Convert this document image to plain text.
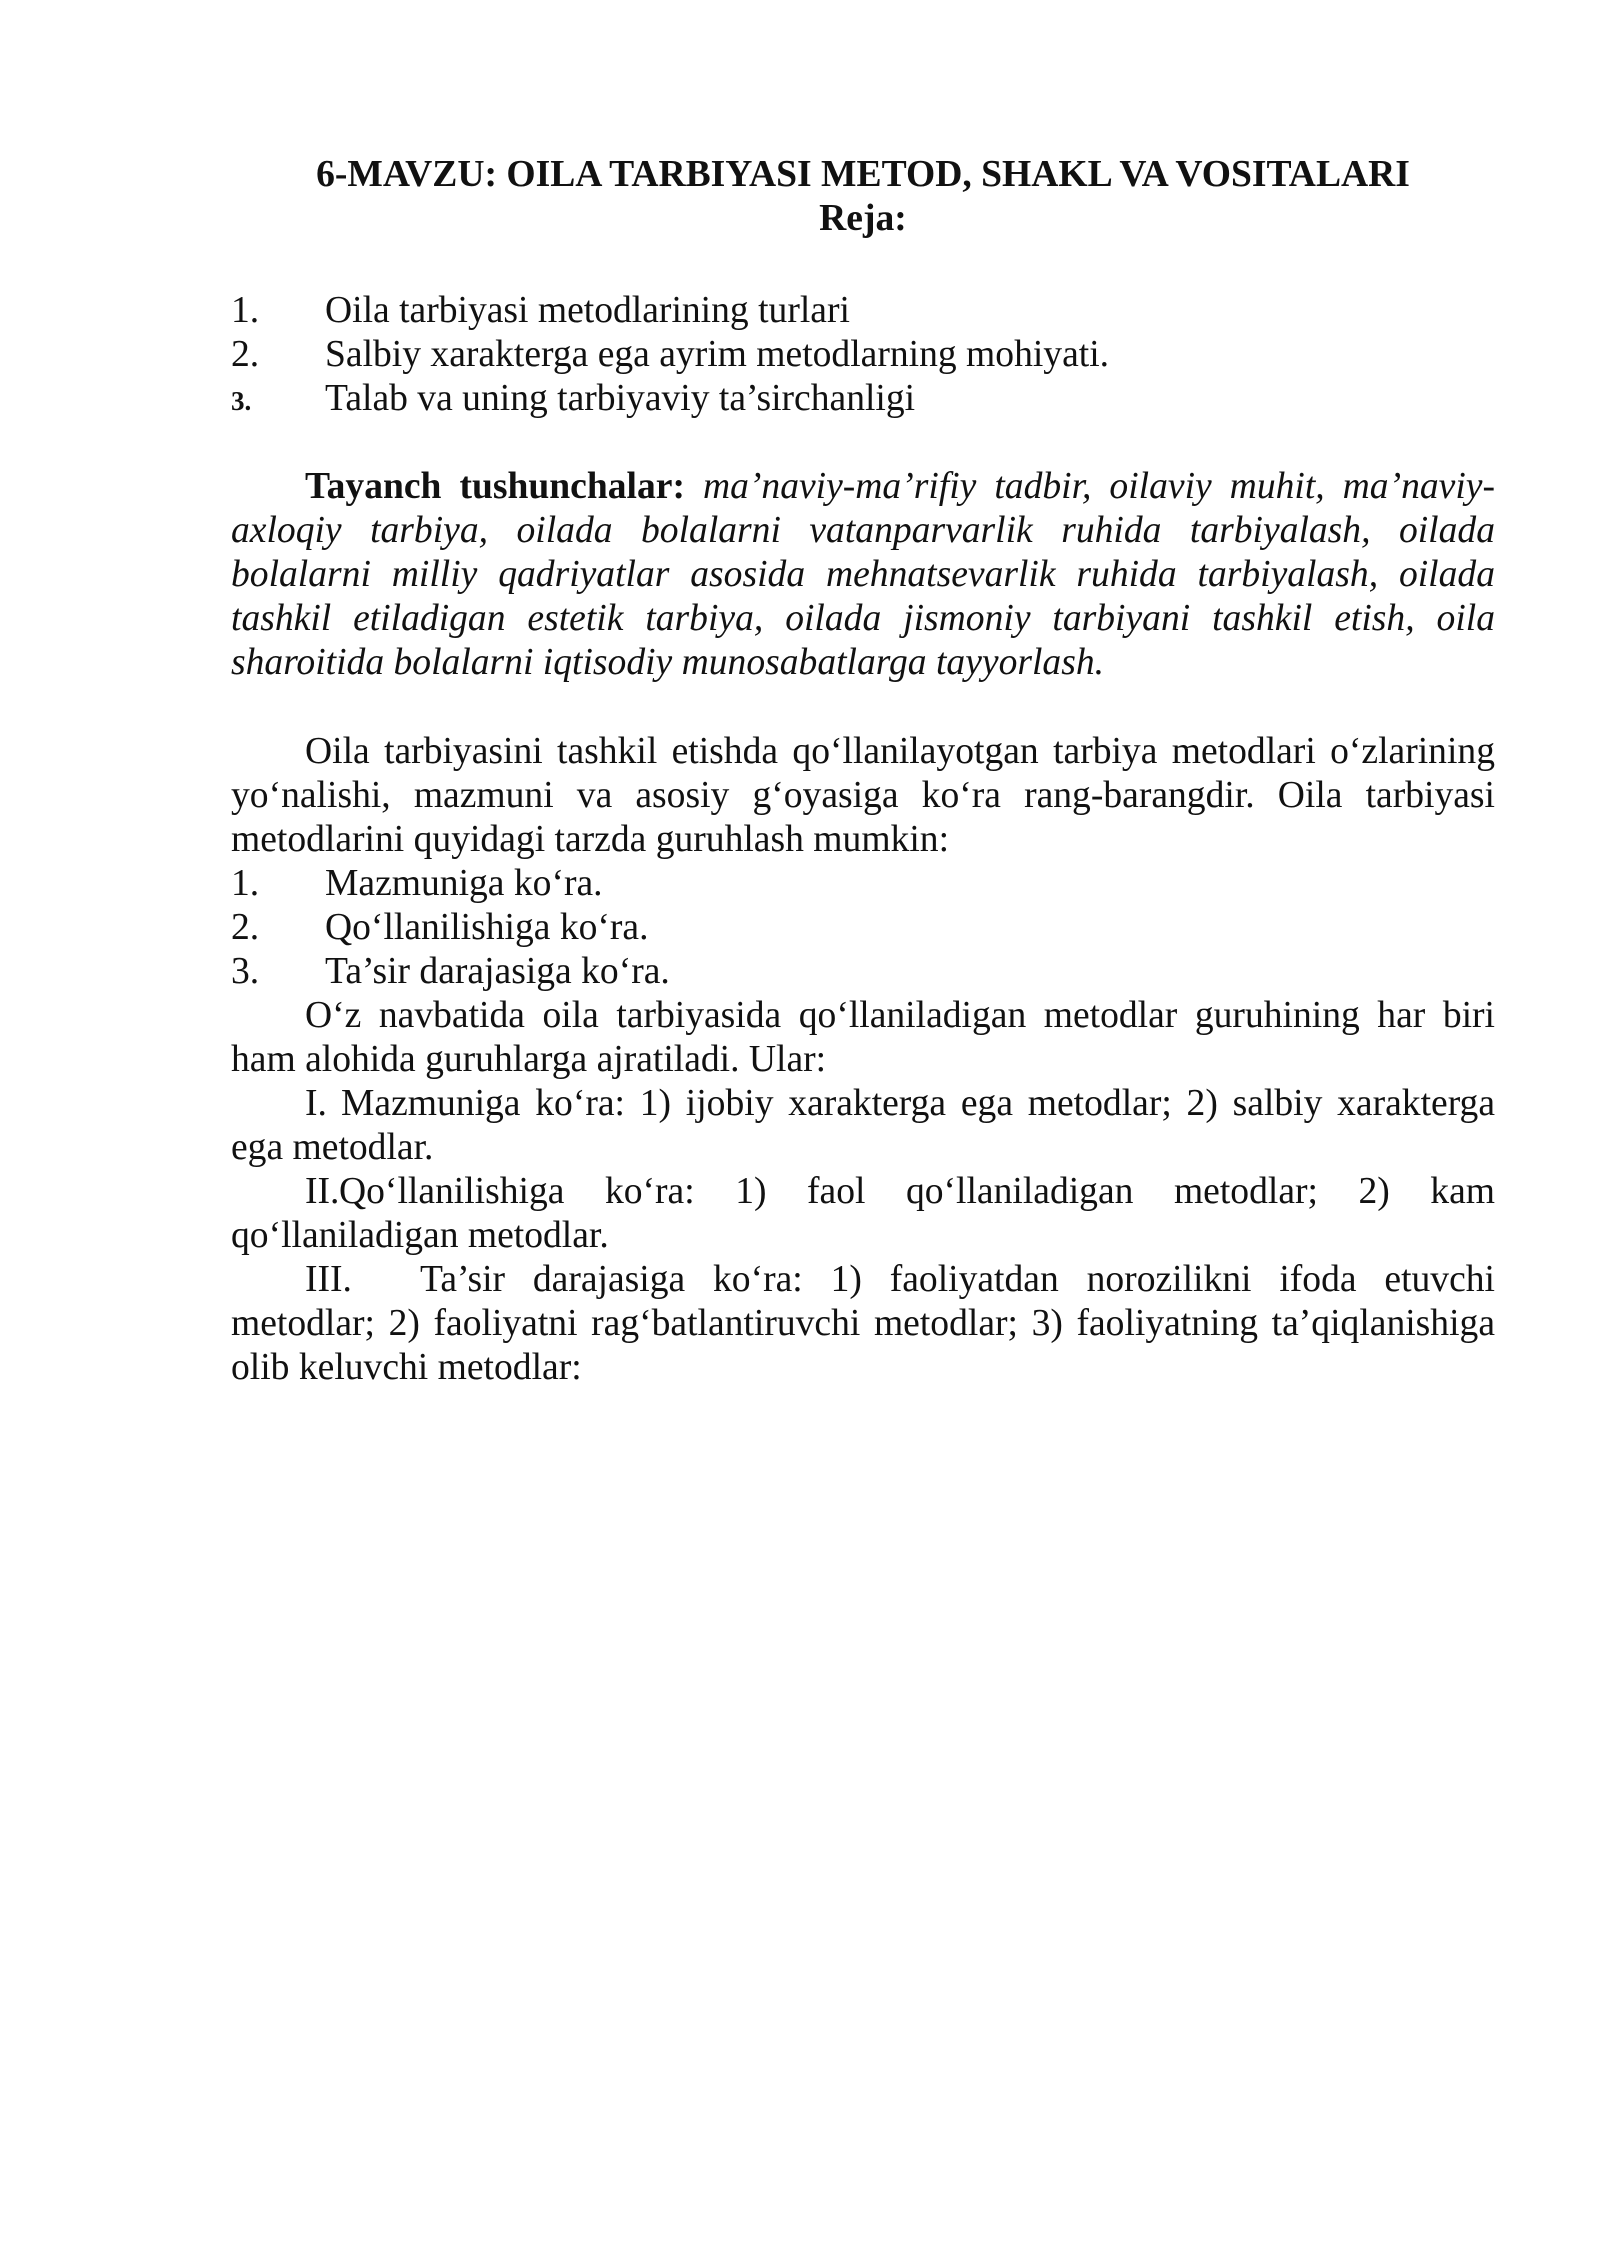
6-MAVZU: OILA TARBIYASI METOD, SHAKL VA VOSITALARI
Reja:
1. Oila tarbiyasi metodlarining turlari
2. Salbiy xarakterga ega ayrim metodlarning mohiyati.
3. Talab va uning tarbiyaviy ta’sirchanligi
Tayanch tushunchalar: ma’naviy-ma’rifiy tadbir, oilaviy muhit, ma’naviy-
axloqiy tarbiya, oilada bolalarni vatanparvarlik ruhida tarbiyalash, oilada
bolalarni milliy qadriyatlar asosida mehnatsevarlik ruhida tarbiyalash, oilada
tashkil etiladigan estetik tarbiya, oilada jismoniy tarbiyani tashkil etish, oila
sharoitida bolalarni iqtisodiy munosabatlarga tayyorlash.
Oila tarbiyasini tashkil etishda qo‘llanilayotgan tarbiya metodlari o‘zlarining
yo‘nalishi, mazmuni va asosiy g‘oyasiga ko‘ra rang-barangdir. Oila tarbiyasi
metodlarini quyidagi tarzda guruhlash mumkin:
1. Mazmuniga ko‘ra.
2. Qo‘llanilishiga ko‘ra.
3. Ta’sir darajasiga ko‘ra.
O‘z navbatida oila tarbiyasida qo‘llaniladigan metodlar guruhining har biri
ham alohida guruhlarga ajratiladi. Ular:
I. Mazmuniga ko‘ra: 1) ijobiy xarakterga ega metodlar; 2) salbiy xarakterga
ega metodlar.
II.Qo‘llanilishiga ko‘ra: 1) faol qo‘llaniladigan metodlar; 2) kam
qo‘llaniladigan metodlar.
III. Ta’sir darajasiga ko‘ra: 1) faoliyatdan norozilikni ifoda etuvchi
metodlar; 2) faoliyatni rag‘batlantiruvchi metodlar; 3) faoliyatning ta’qiqlanishiga
olib keluvchi metodlar:
